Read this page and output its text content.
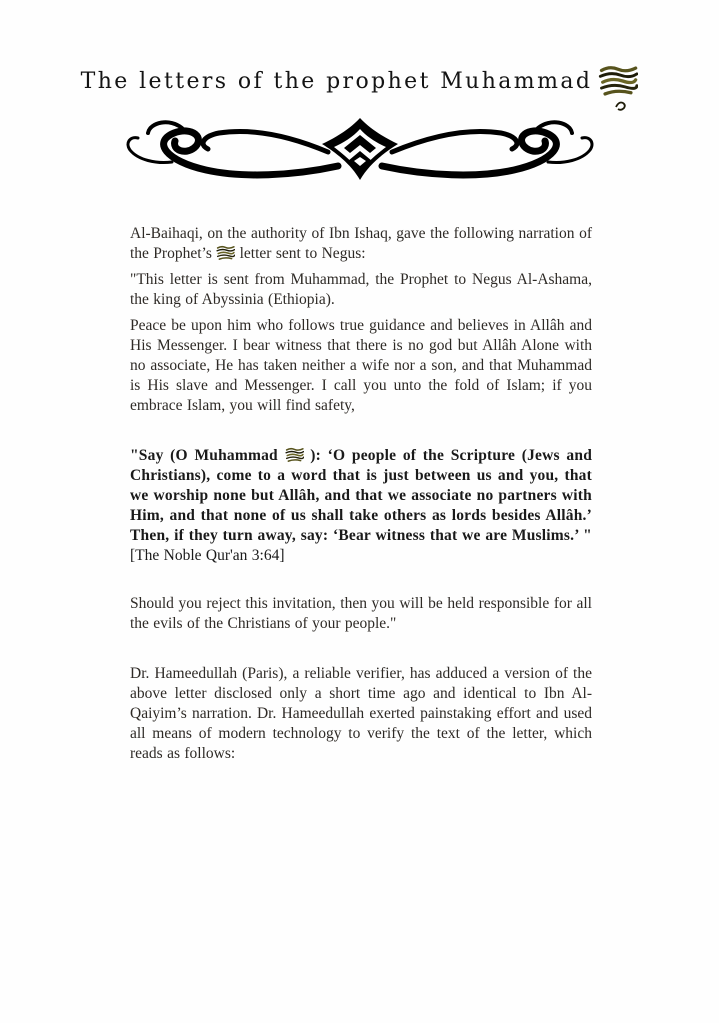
The letters of the prophet Muhammad

Al-Baihaqi, on the authority of Ibn Ishaq, gave the following narration of the Prophet’s letter sent to Negus:

"This letter is sent from Muhammad, the Prophet to Negus Al-Ashama, the king of Abyssinia (Ethiopia).

Peace be upon him who follows true guidance and believes in Allâh and His Messenger. I bear witness that there is no god but Allâh Alone with no associate, He has taken neither a wife nor a son, and that Muhammad is His slave and Messenger. I call you unto the fold of Islam; if you embrace Islam, you will find safety,

"Say (O Muhammad ): ‘O people of the Scripture (Jews and Christians), come to a word that is just between us and you, that we worship none but Allâh, and that we associate no partners with Him, and that none of us shall take others as lords besides Allâh.’ Then, if they turn away, say: ‘Bear witness that we are Muslims.’ " [The Noble Qur'an 3:64]

Should you reject this invitation, then you will be held responsible for all the evils of the Christians of your people."

Dr. Hameedullah (Paris), a reliable verifier, has adduced a version of the above letter disclosed only a short time ago and identical to Ibn Al-Qaiyim’s narration. Dr. Hameedullah exerted painstaking effort and used all means of modern technology to verify the text of the letter, which reads as follows:
